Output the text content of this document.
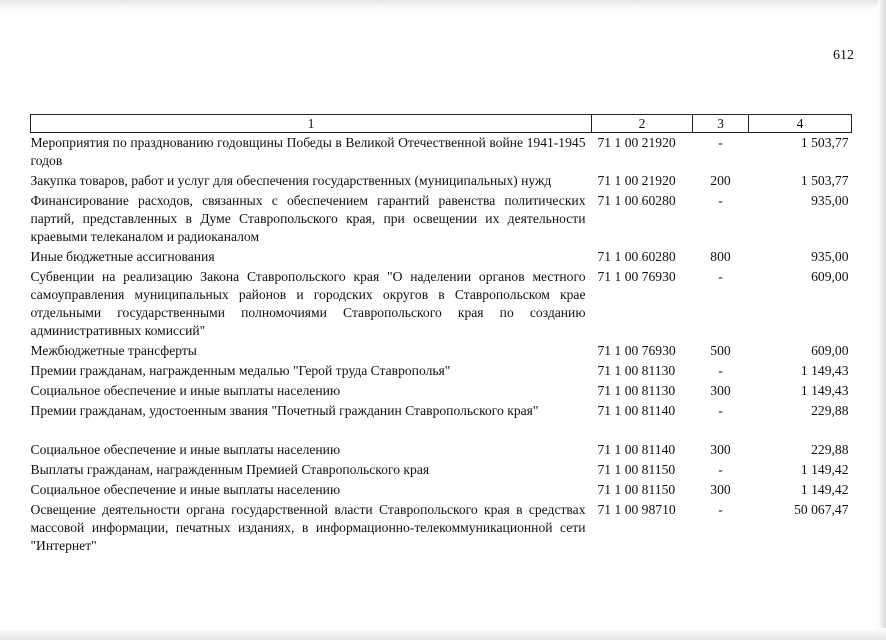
612
1	2	3	4
Мероприятия по празднованию годовщины Победы в Великой Отечественной войне 1941-1945 годов	71 1 00 21920	-	1 503,77
Закупка товаров, работ и услуг для обеспечения государственных (муниципальных) нужд	71 1 00 21920	200	1 503,77
Финансирование расходов, связанных с обеспечением гарантий равенства политических партий, представленных в Думе Ставропольского края, при освещении их деятельности краевыми телеканалом и радиоканалом	71 1 00 60280	-	935,00
Иные бюджетные ассигнования	71 1 00 60280	800	935,00
Субвенции на реализацию Закона Ставропольского края "О наделении органов местного самоуправления муниципальных районов и городских округов в Ставропольском крае отдельными государственными полномочиями Ставропольского края по созданию административных комиссий"	71 1 00 76930	-	609,00
Межбюджетные трансферты	71 1 00 76930	500	609,00
Премии гражданам, награжденным медалью "Герой труда Ставрополья"	71 1 00 81130	-	1 149,43
Социальное обеспечение и иные выплаты населению	71 1 00 81130	300	1 149,43
Премии гражданам, удостоенным звания "Почетный гражданин Ставропольского края"	71 1 00 81140	-	229,88
Социальное обеспечение и иные выплаты населению	71 1 00 81140	300	229,88
Выплаты гражданам, награжденным Премией Ставропольского края	71 1 00 81150	-	1 149,42
Социальное обеспечение и иные выплаты населению	71 1 00 81150	300	1 149,42
Освещение деятельности органа государственной власти Ставропольского края в средствах массовой информации, печатных изданиях, в информационно-телекоммуникационной сети "Интернет"	71 1 00 98710	-	50 067,47
